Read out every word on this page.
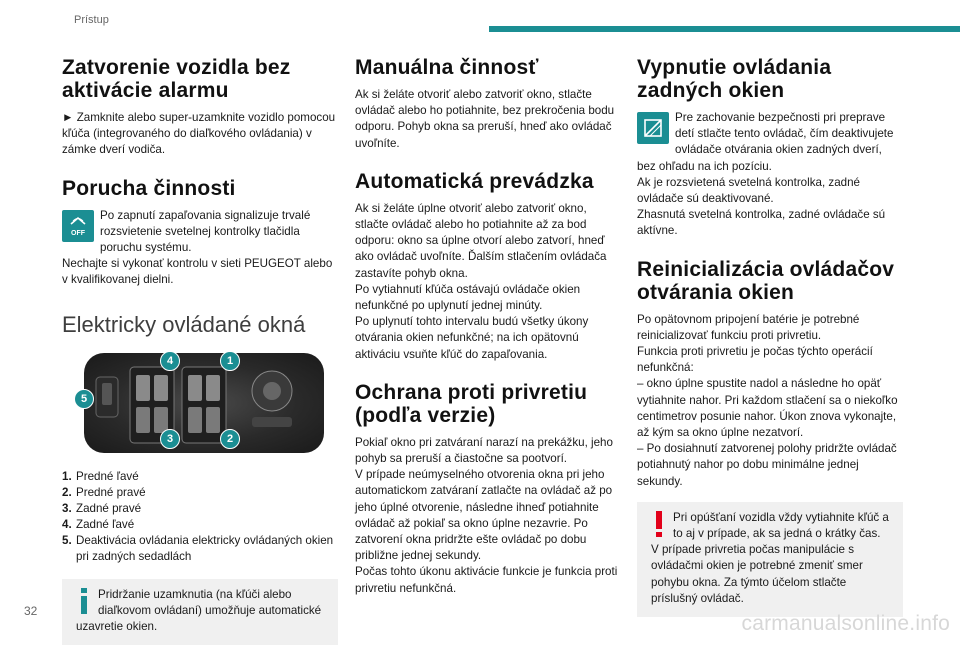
Prístup
Zatvorenie vozidla bez aktivácie alarmu

► Zamknite alebo super-uzamknite vozidlo pomocou kľúča (integrovaného do diaľkového ovládania) v zámke dverí vodiča.

Porucha činnosti
OFF

Po zapnutí zapaľovania signalizuje trvalé rozsvietenie svetelnej kontrolky tlačidla poruchu systému.

Nechajte si vykonať kontrolu v sieti PEUGEOT alebo v kvalifikovanej dielni.

Elektricky ovládané okná
4	1
5
3	2
1. Predné ľavé
2. Predné pravé
3. Zadné pravé
4. Zadné ľavé
5. Deaktivácia ovládania elektricky ovládaných okien pri zadných sedadlách

Pridržanie uzamknutia (na kľúči alebo diaľkovom ovládaní) umožňuje automatické uzavretie okien.

Manuálna činnosť

Ak si želáte otvoriť alebo zatvoriť okno, stlačte ovládač alebo ho potiahnite, bez prekročenia bodu odporu. Pohyb okna sa preruší, hneď ako ovládač uvoľníte.

Automatická prevádzka

Ak si želáte úplne otvoriť alebo zatvoriť okno, stlačte ovládač alebo ho potiahnite až za bod odporu: okno sa úplne otvorí alebo zatvorí, hneď ako ovládač uvoľníte. Ďalším stlačením ovládača zastavíte pohyb okna.

Po vytiahnutí kľúča ostávajú ovládače okien nefunkčné po uplynutí jednej minúty.

Po uplynutí tohto intervalu budú všetky úkony otvárania okien nefunkčné; na ich opätovnú aktiváciu vsuňte kľúč do zapaľovania.

Ochrana proti privretiu (podľa verzie)

Pokiaľ okno pri zatváraní narazí na prekážku, jeho pohyb sa preruší a čiastočne sa pootvorí.

V prípade neúmyselného otvorenia okna pri jeho automatickom zatváraní zatlačte na ovládač až po jeho úplné otvorenie, následne ihneď potiahnite ovládač až pokiaľ sa okno úplne nezavrie. Po zatvorení okna pridržte ešte ovládač po dobu približne jednej sekundy.

Počas tohto úkonu aktivácie funkcie je funkcia proti privretiu nefunkčná.

Vypnutie ovládania zadných okien

Pre zachovanie bezpečnosti pri preprave detí stlačte tento ovládač, čím deaktivujete ovládače otvárania okien zadných dverí, bez ohľadu na ich pozíciu.

Ak je rozsvietená svetelná kontrolka, zadné ovládače sú deaktivované.

Zhasnutá svetelná kontrolka, zadné ovládače sú aktívne.

Reinicializácia ovládačov otvárania okien

Po opätovnom pripojení batérie je potrebné reinicializovať funkciu proti privretiu.

Funkcia proti privretiu je počas týchto operácií nefunkčná:

– okno úplne spustite nadol a následne ho opäť vytiahnite nahor. Pri každom stlačení sa o niekoľko centimetrov posunie nahor. Úkon znova vykonajte, až kým sa okno úplne nezatvorí.

– Po dosiahnutí zatvorenej polohy pridržte ovládač potiahnutý nahor po dobu minimálne jednej sekundy.

Pri opúšťaní vozidla vždy vytiahnite kľúč a to aj v prípade, ak sa jedná o krátky čas.

V prípade privretia počas manipulácie s ovládačmi okien je potrebné zmeniť smer pohybu okna. Za týmto účelom stlačte príslušný ovládač.

32
carmanualsonline.info
